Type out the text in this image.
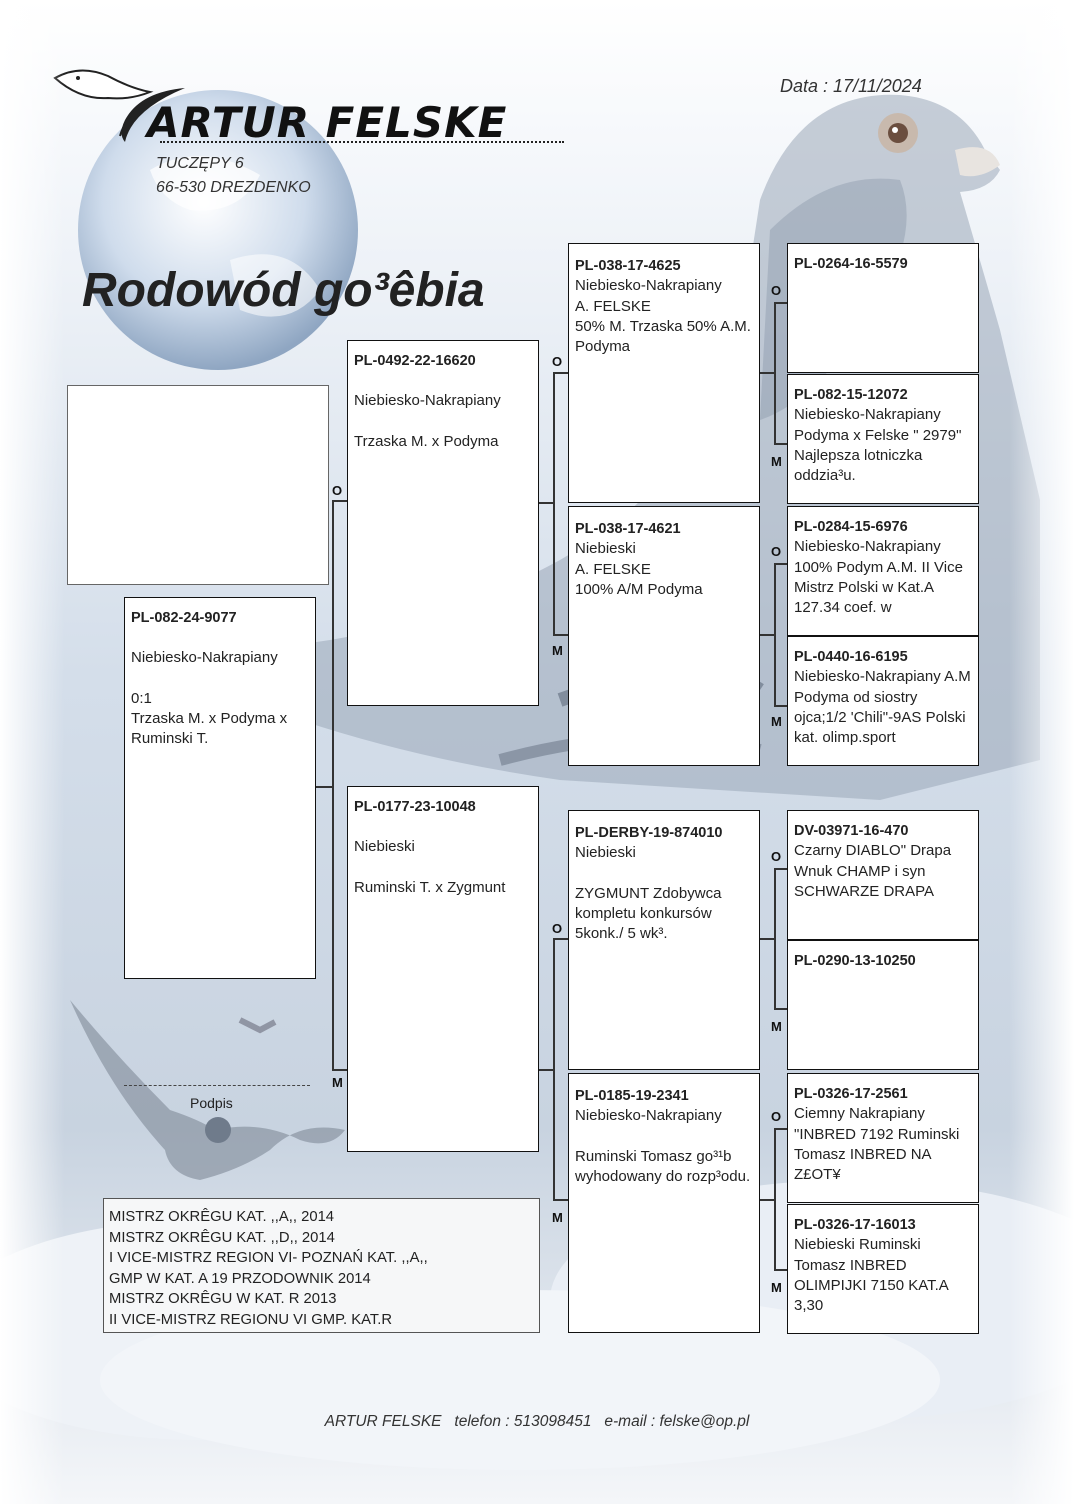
ARTUR FELSKE
TUCZĘPY 6
66-530 DREZDENKO
Data : 17/11/2024
Rodowód go³êbia
O
M
O
M
O
M
O
M
O
M
O
M
O
M
PL-082-24-9077
Niebiesko-Nakrapiany
0:1
Trzaska M. x Podyma x Ruminski T.
PL-0492-22-16620
Niebiesko-Nakrapiany
Trzaska M. x Podyma
PL-0177-23-10048
Niebieski
Ruminski T. x Zygmunt
PL-038-17-4625
Niebiesko-Nakrapiany
A. FELSKE
50% M. Trzaska 50% A.M. Podyma
PL-038-17-4621
Niebieski
A. FELSKE
100% A/M Podyma
PL-DERBY-19-874010
Niebieski
ZYGMUNT Zdobywca kompletu konkursów 5konk./ 5 wk³.
PL-0185-19-2341
Niebiesko-Nakrapiany
Ruminski Tomasz go³¹b wyhodowany do rozp³odu.
PL-0264-16-5579
PL-082-15-12072
Niebiesko-Nakrapiany Podyma x Felske " 2979" Najlepsza lotniczka oddzia³u.
PL-0284-15-6976
Niebiesko-Nakrapiany 100% Podym A.M. II Vice Mistrz Polski w Kat.A 127.34 coef. w
PL-0440-16-6195
Niebiesko-Nakrapiany A.M Podyma od siostry ojca;1/2 'Chili"-9AS Polski kat. olimp.sport
DV-03971-16-470
Czarny DIABLO" Drapa Wnuk CHAMP i syn SCHWARZE DRAPA
PL-0290-13-10250
PL-0326-17-2561
Ciemny Nakrapiany "INBRED 7192 Ruminski Tomasz INBRED NA Z£OT¥
PL-0326-17-16013
Niebieski Ruminski Tomasz INBRED OLIMPIJKI 7150 KAT.A 3,30
Podpis
MISTRZ OKRÊGU KAT. ,,A,, 2014
MISTRZ OKRÊGU KAT. ,,D,, 2014
I VICE-MISTRZ REGION VI- POZNAŃ KAT. ,,A,,
GMP W KAT. A 19 PRZODOWNIK 2014
MISTRZ OKRÊGU W KAT. R 2013
II VICE-MISTRZ REGIONU VI GMP. KAT.R
ARTUR FELSKE   telefon : 513098451   e-mail : felske@op.pl
